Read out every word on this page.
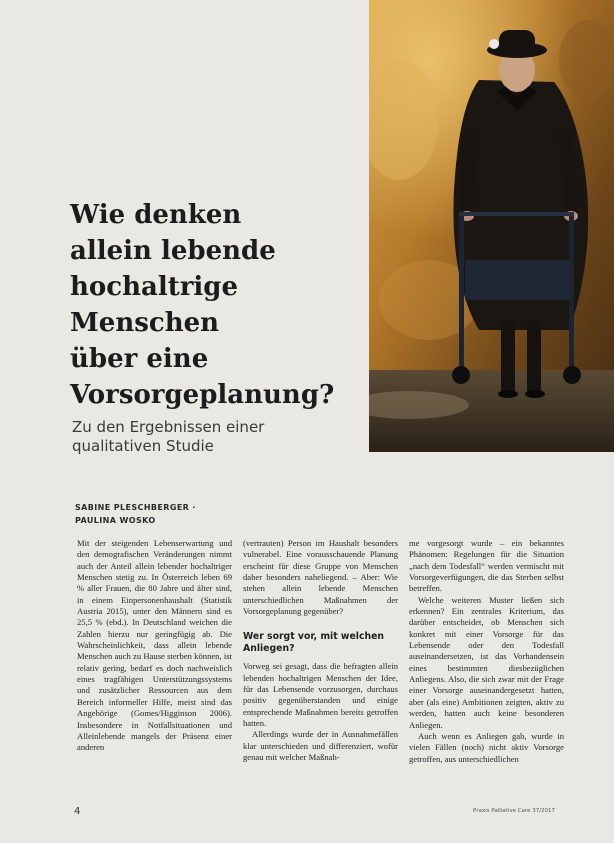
Wie denken
allein lebende
hochaltrige
Menschen
über eine
Vorsorgeplanung?
Zu den Ergebnissen einer
qualitativen Studie
SABINE PLESCHBERGER ·
PAULINA WOSKO

Mit der steigenden Lebenserwartung und den demografischen Veränderungen nimmt auch der Anteil allein lebender hochaltriger Menschen stetig zu. In Österreich leben 69 % aller Frauen, die 80 Jahre und älter sind, in einem Einpersonenhaushalt (Statistik Austria 2015), unter den Männern sind es 25,5 % (ebd.). In Deutschland weichen die Zahlen hierzu nur geringfügig ab. Die Wahrscheinlichkeit, dass allein lebende Menschen auch zu Hause sterben können, ist relativ gering, bedarf es doch nachweislich eines tragfähigen Unterstützungssystems und zusätzlicher Ressourcen aus dem Bereich informeller Hilfe, meist sind das Angehörige (Gomes/Higginson 2006). Insbesondere in Notfallsituationen und Alleinlebende mangels der Präsenz einer anderen

(vertrauten) Person im Haushalt besonders vulnerabel. Eine vorausschauende Planung erscheint für diese Gruppe von Menschen daher besonders naheliegend. – Aber: Wie stehen allein lebende Menschen unterschiedlichen Maßnahmen der Vorsorgeplanung gegenüber?

Wer sorgt vor, mit welchen Anliegen?

Vorweg sei gesagt, dass die befragten allein lebenden hochaltrigen Menschen der Idee, für das Lebensende vorzusorgen, durchaus positiv gegenüberstanden und einige entsprechende Maßnahmen bereits getroffen hatten.

Allerdings wurde der in Ausnahmefällen klar unterschieden und differenziert, wofür genau mit welcher Maßnah-

me vorgesorgt wurde – ein bekanntes Phänomen: Regelungen für die Situation „nach dem Todesfall“ werden vermischt mit Vorsorgeverfügungen, die das Sterben selbst betreffen.

Welche weiteren Muster ließen sich erkennen? Ein zentrales Kriterium, das darüber entscheidet, ob Menschen sich konkret mit einer Vorsorge für das Lebensende oder den Todesfall auseinandersetzen, ist das Vorhandensein eines bestimmten diesbezüglichen Anliegens. Also, die sich zwar mit der Frage einer Vorsorge auseinandergesetzt hatten, aber (als eine) Ambitionen zeigten, aktiv zu werden, hatten auch keine besonderen Anliegen.

Auch wenn es Anliegen gab, wurde in vielen Fällen (noch) nicht aktiv Vorsorge getroffen, aus unterschiedlichen

4	Praxis Palliative Care 37/2017
